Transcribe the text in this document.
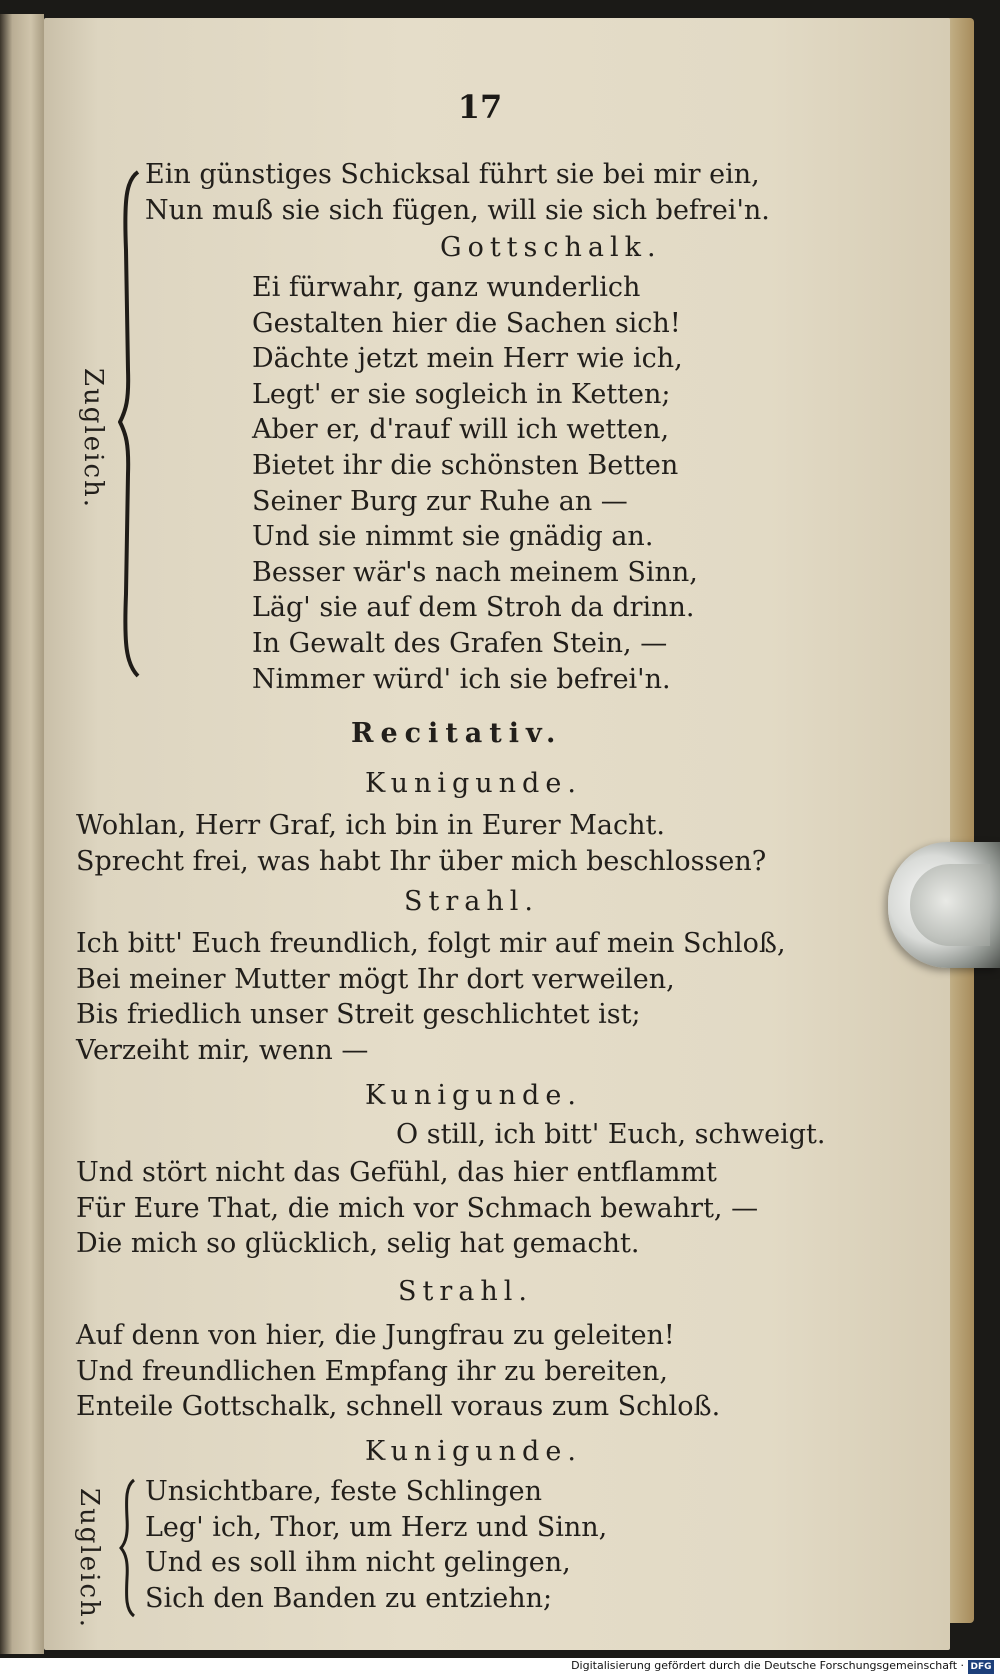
17
Ein günstiges Schicksal führt sie bei mir ein,
Nun muß sie sich fügen, will sie sich befrei'n.
Gottschalk.
Ei fürwahr, ganz wunderlich
Gestalten hier die Sachen sich!
Dächte jetzt mein Herr wie ich,
Legt' er sie sogleich in Ketten;
Aber er, d'rauf will ich wetten,
Bietet ihr die schönsten Betten
Seiner Burg zur Ruhe an —
Und sie nimmt sie gnädig an.
Besser wär's nach meinem Sinn,
Läg' sie auf dem Stroh da drinn.
In Gewalt des Grafen Stein, —
Nimmer würd' ich sie befrei'n.
Zugleich.
Recitativ.
Kunigunde.
Wohlan, Herr Graf, ich bin in Eurer Macht.
Sprecht frei, was habt Ihr über mich beschlossen?
Strahl.
Ich bitt' Euch freundlich, folgt mir auf mein Schloß,
Bei meiner Mutter mögt Ihr dort verweilen,
Bis friedlich unser Streit geschlichtet ist;
Verzeiht mir, wenn —
Kunigunde.
O still, ich bitt' Euch, schweigt.
Und stört nicht das Gefühl, das hier entflammt
Für Eure That, die mich vor Schmach bewahrt, —
Die mich so glücklich, selig hat gemacht.
Strahl.
Auf denn von hier, die Jungfrau zu geleiten!
Und freundlichen Empfang ihr zu bereiten,
Enteile Gottschalk, schnell voraus zum Schloß.
Kunigunde.
Unsichtbare, feste Schlingen
Leg' ich, Thor, um Herz und Sinn,
Und es soll ihm nicht gelingen,
Sich den Banden zu entziehn;
Zugleich.
Digitalisierung gefördert durch die Deutsche Forschungsgemeinschaft · DFG
